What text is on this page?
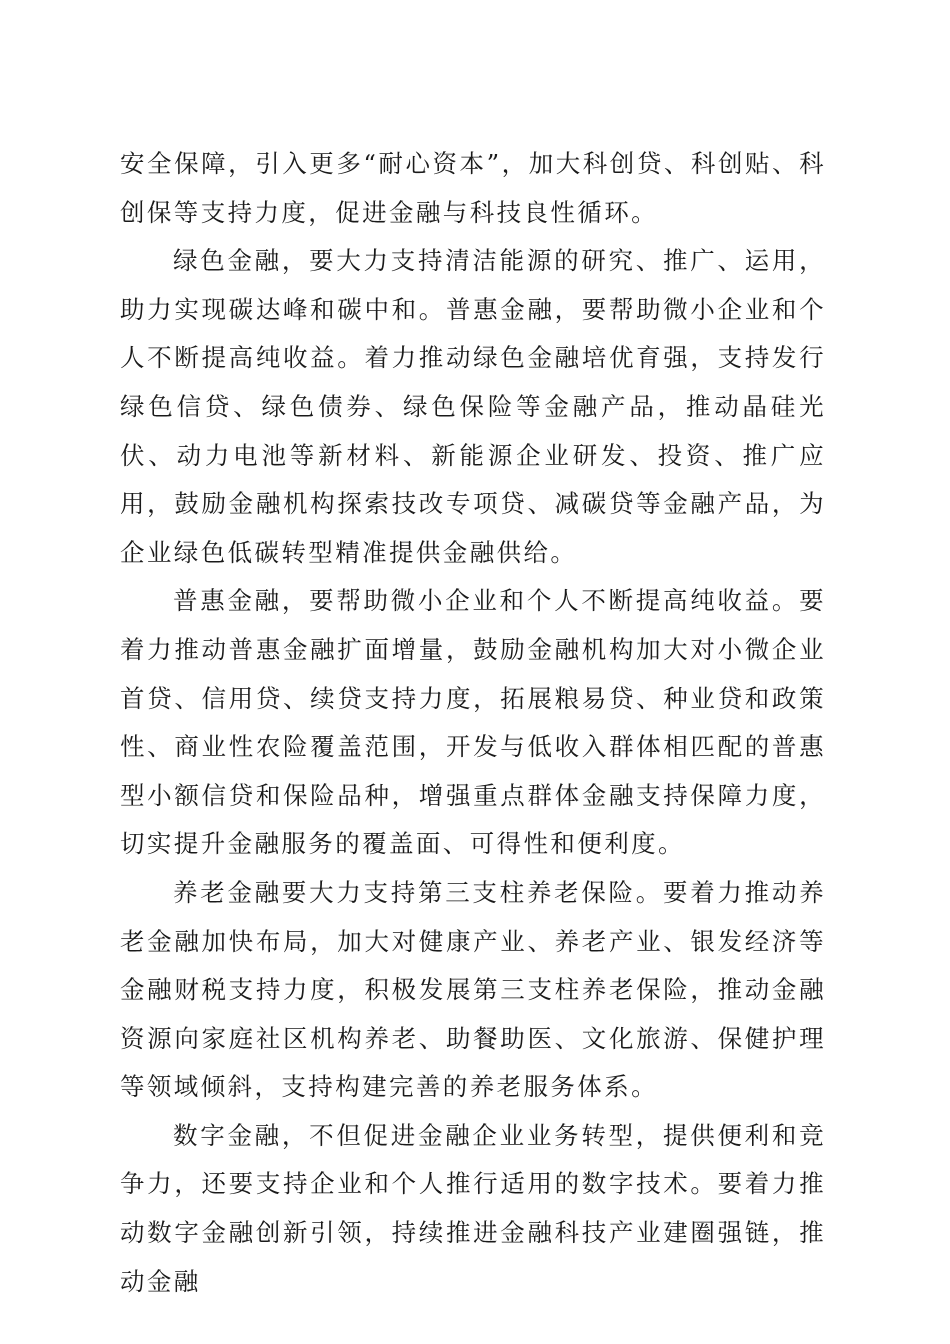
安全保障，引入更多“耐心资本”，加大科创贷、科创贴、科创保等支持力度，促进金融与科技良性循环。

绿色金融，要大力支持清洁能源的研究、推广、运用，助力实现碳达峰和碳中和。普惠金融，要帮助微小企业和个人不断提高纯收益。着力推动绿色金融培优育强，支持发行绿色信贷、绿色债券、绿色保险等金融产品，推动晶硅光伏、动力电池等新材料、新能源企业研发、投资、推广应用，鼓励金融机构探索技改专项贷、减碳贷等金融产品，为企业绿色低碳转型精准提供金融供给。

普惠金融，要帮助微小企业和个人不断提高纯收益。要着力推动普惠金融扩面增量，鼓励金融机构加大对小微企业首贷、信用贷、续贷支持力度，拓展粮易贷、种业贷和政策性、商业性农险覆盖范围，开发与低收入群体相匹配的普惠型小额信贷和保险品种，增强重点群体金融支持保障力度，切实提升金融服务的覆盖面、可得性和便利度。

养老金融要大力支持第三支柱养老保险。要着力推动养老金融加快布局，加大对健康产业、养老产业、银发经济等金融财税支持力度，积极发展第三支柱养老保险，推动金融资源向家庭社区机构养老、助餐助医、文化旅游、保健护理等领域倾斜，支持构建完善的养老服务体系。

数字金融，不但促进金融企业业务转型，提供便利和竞争力，还要支持企业和个人推行适用的数字技术。要着力推动数字金融创新引领，持续推进金融科技产业建圈强链，推动金融
